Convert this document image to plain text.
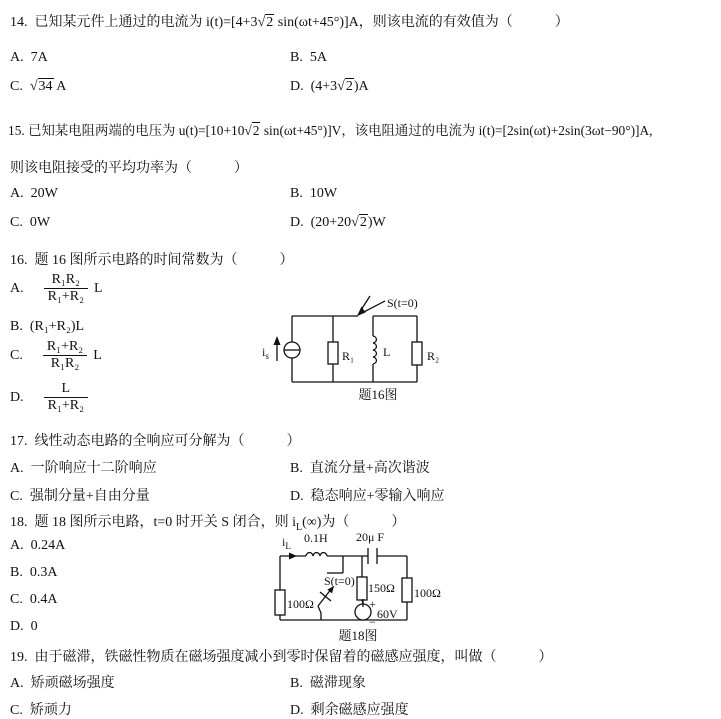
14.  已知某元件上通过的电流为 i(t)=[4+3√2 sin(ωt+45°)]A，则该电流的有效值为（　　　）
A.  7A	B.  5A
C.  √34 A	D.  (4+3√2)A
15. 已知某电阻两端的电压为 u(t)=[10+10√2 sin(ωt+45°)]V，该电阻通过的电流为 i(t)=[2sin(ωt)+2sin(3ωt−90°)]A,
则该电阻接受的平均功率为（　　　）
A.  20W	B.  10W
C.  0W	D.  (20+20√2)W
16.  题 16 图所示电路的时间常数为（　　　）
A. $\frac{\text{R₁R₂}}{\text{R₁+R₂}}$ L
B.  (R₁+R₂)L
C. $\frac{\text{R₁+R₂}}{\text{R₁R₂}}$ L
D. $\frac{L}{\text{R₁+R₂}}$
$i_s$	R₁
S(t=0)
L	R₂
题16图
17.  线性动态电路的全响应可分解为（　　　）
A.  一阶响应十二阶响应	B.  直流分量+高次谐波
C.  强制分量+自由分量	D.  稳态响应+零输入响应
18.  题 18 图所示电路，t=0 时开关 S 闭合，则 $i_L(\infty)$为（　　　）
A.  0.24A
B.  0.3A
C.  0.4A
D.  0
$i_L$
0.1H 20μ F
S(t=0)
100Ω
150Ω
+
−
60V
100Ω
题18图
19.  由于磁滞，铁磁性物质在磁场强度减小到零时保留着的磁感应强度，叫做（　　　）
A.  矫顽磁场强度	B.  磁滞现象
C.  矫顽力	D.  剩余磁感应强度
